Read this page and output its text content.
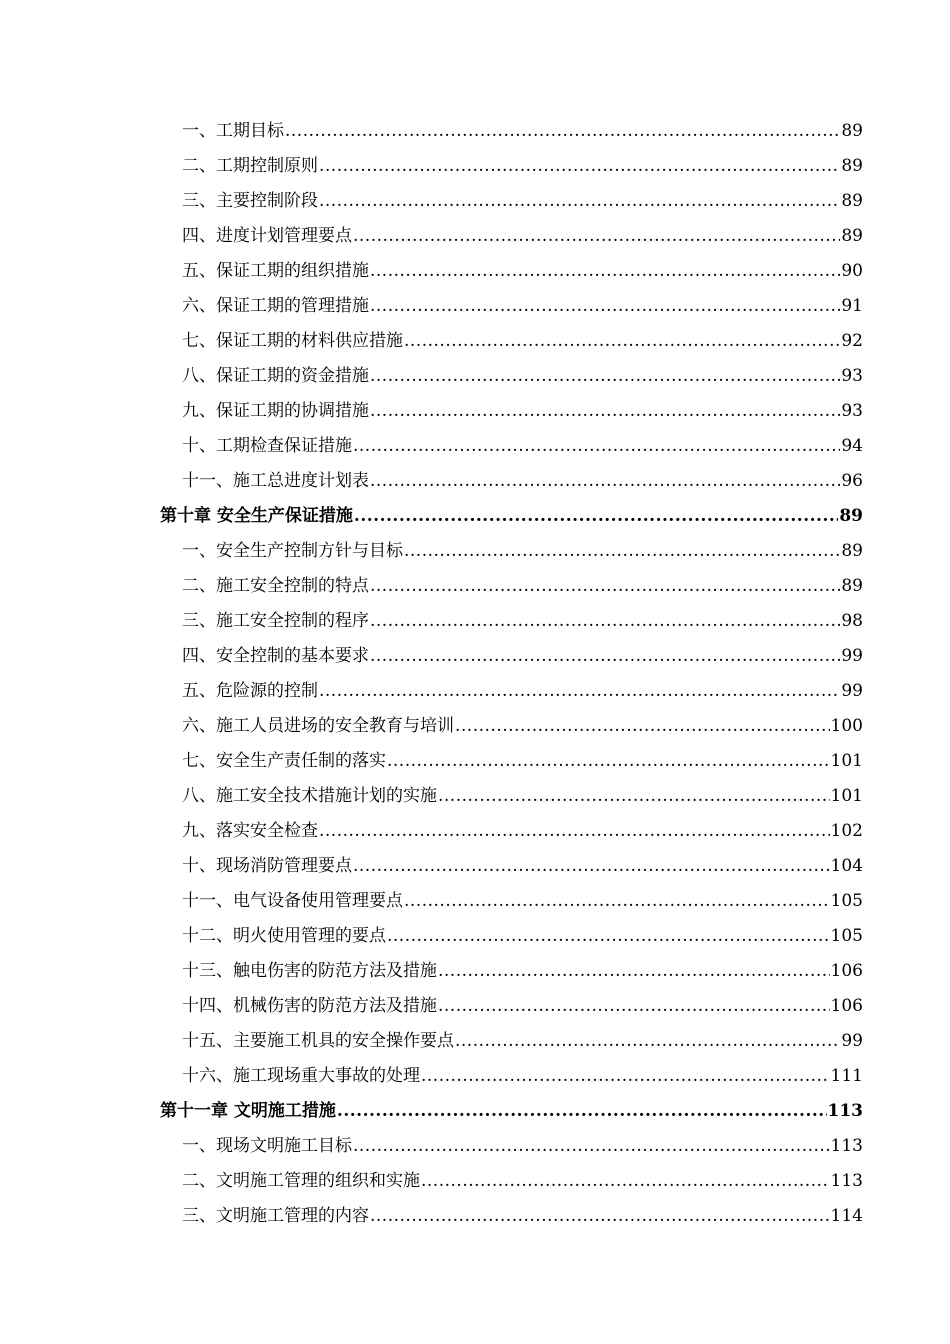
一、工期目标 .....	89
二、工期控制原则 .....	89
三、主要控制阶段 .....	89
四、进度计划管理要点 .....	89
五、保证工期的组织措施 .....	90
六、保证工期的管理措施 .....	91
七、保证工期的材料供应措施 .....	92
八、保证工期的资金措施 .....	93
九、保证工期的协调措施 .....	93
十、工期检查保证措施 .....	94
十一、施工总进度计划表 .....	96
第十章 安全生产保证措施 .....	89
一、安全生产控制方针与目标 .....	89
二、施工安全控制的特点 .....	89
三、施工安全控制的程序 .....	98
四、安全控制的基本要求 .....	99
五、危险源的控制 .....	99
六、施工人员进场的安全教育与培训 .....	100
七、安全生产责任制的落实 .....	101
八、施工安全技术措施计划的实施 .....	101
九、落实安全检查 .....	102
十、现场消防管理要点 .....	104
十一、电气设备使用管理要点 .....	105
十二、明火使用管理的要点 .....	105
十三、触电伤害的防范方法及措施 .....	106
十四、机械伤害的防范方法及措施 .....	106
十五、主要施工机具的安全操作要点 .....	99
十六、施工现场重大事故的处理 .....	111
第十一章 文明施工措施 .....	113
一、现场文明施工目标 .....	113
二、文明施工管理的组织和实施 .....	113
三、文明施工管理的内容 .....	114
